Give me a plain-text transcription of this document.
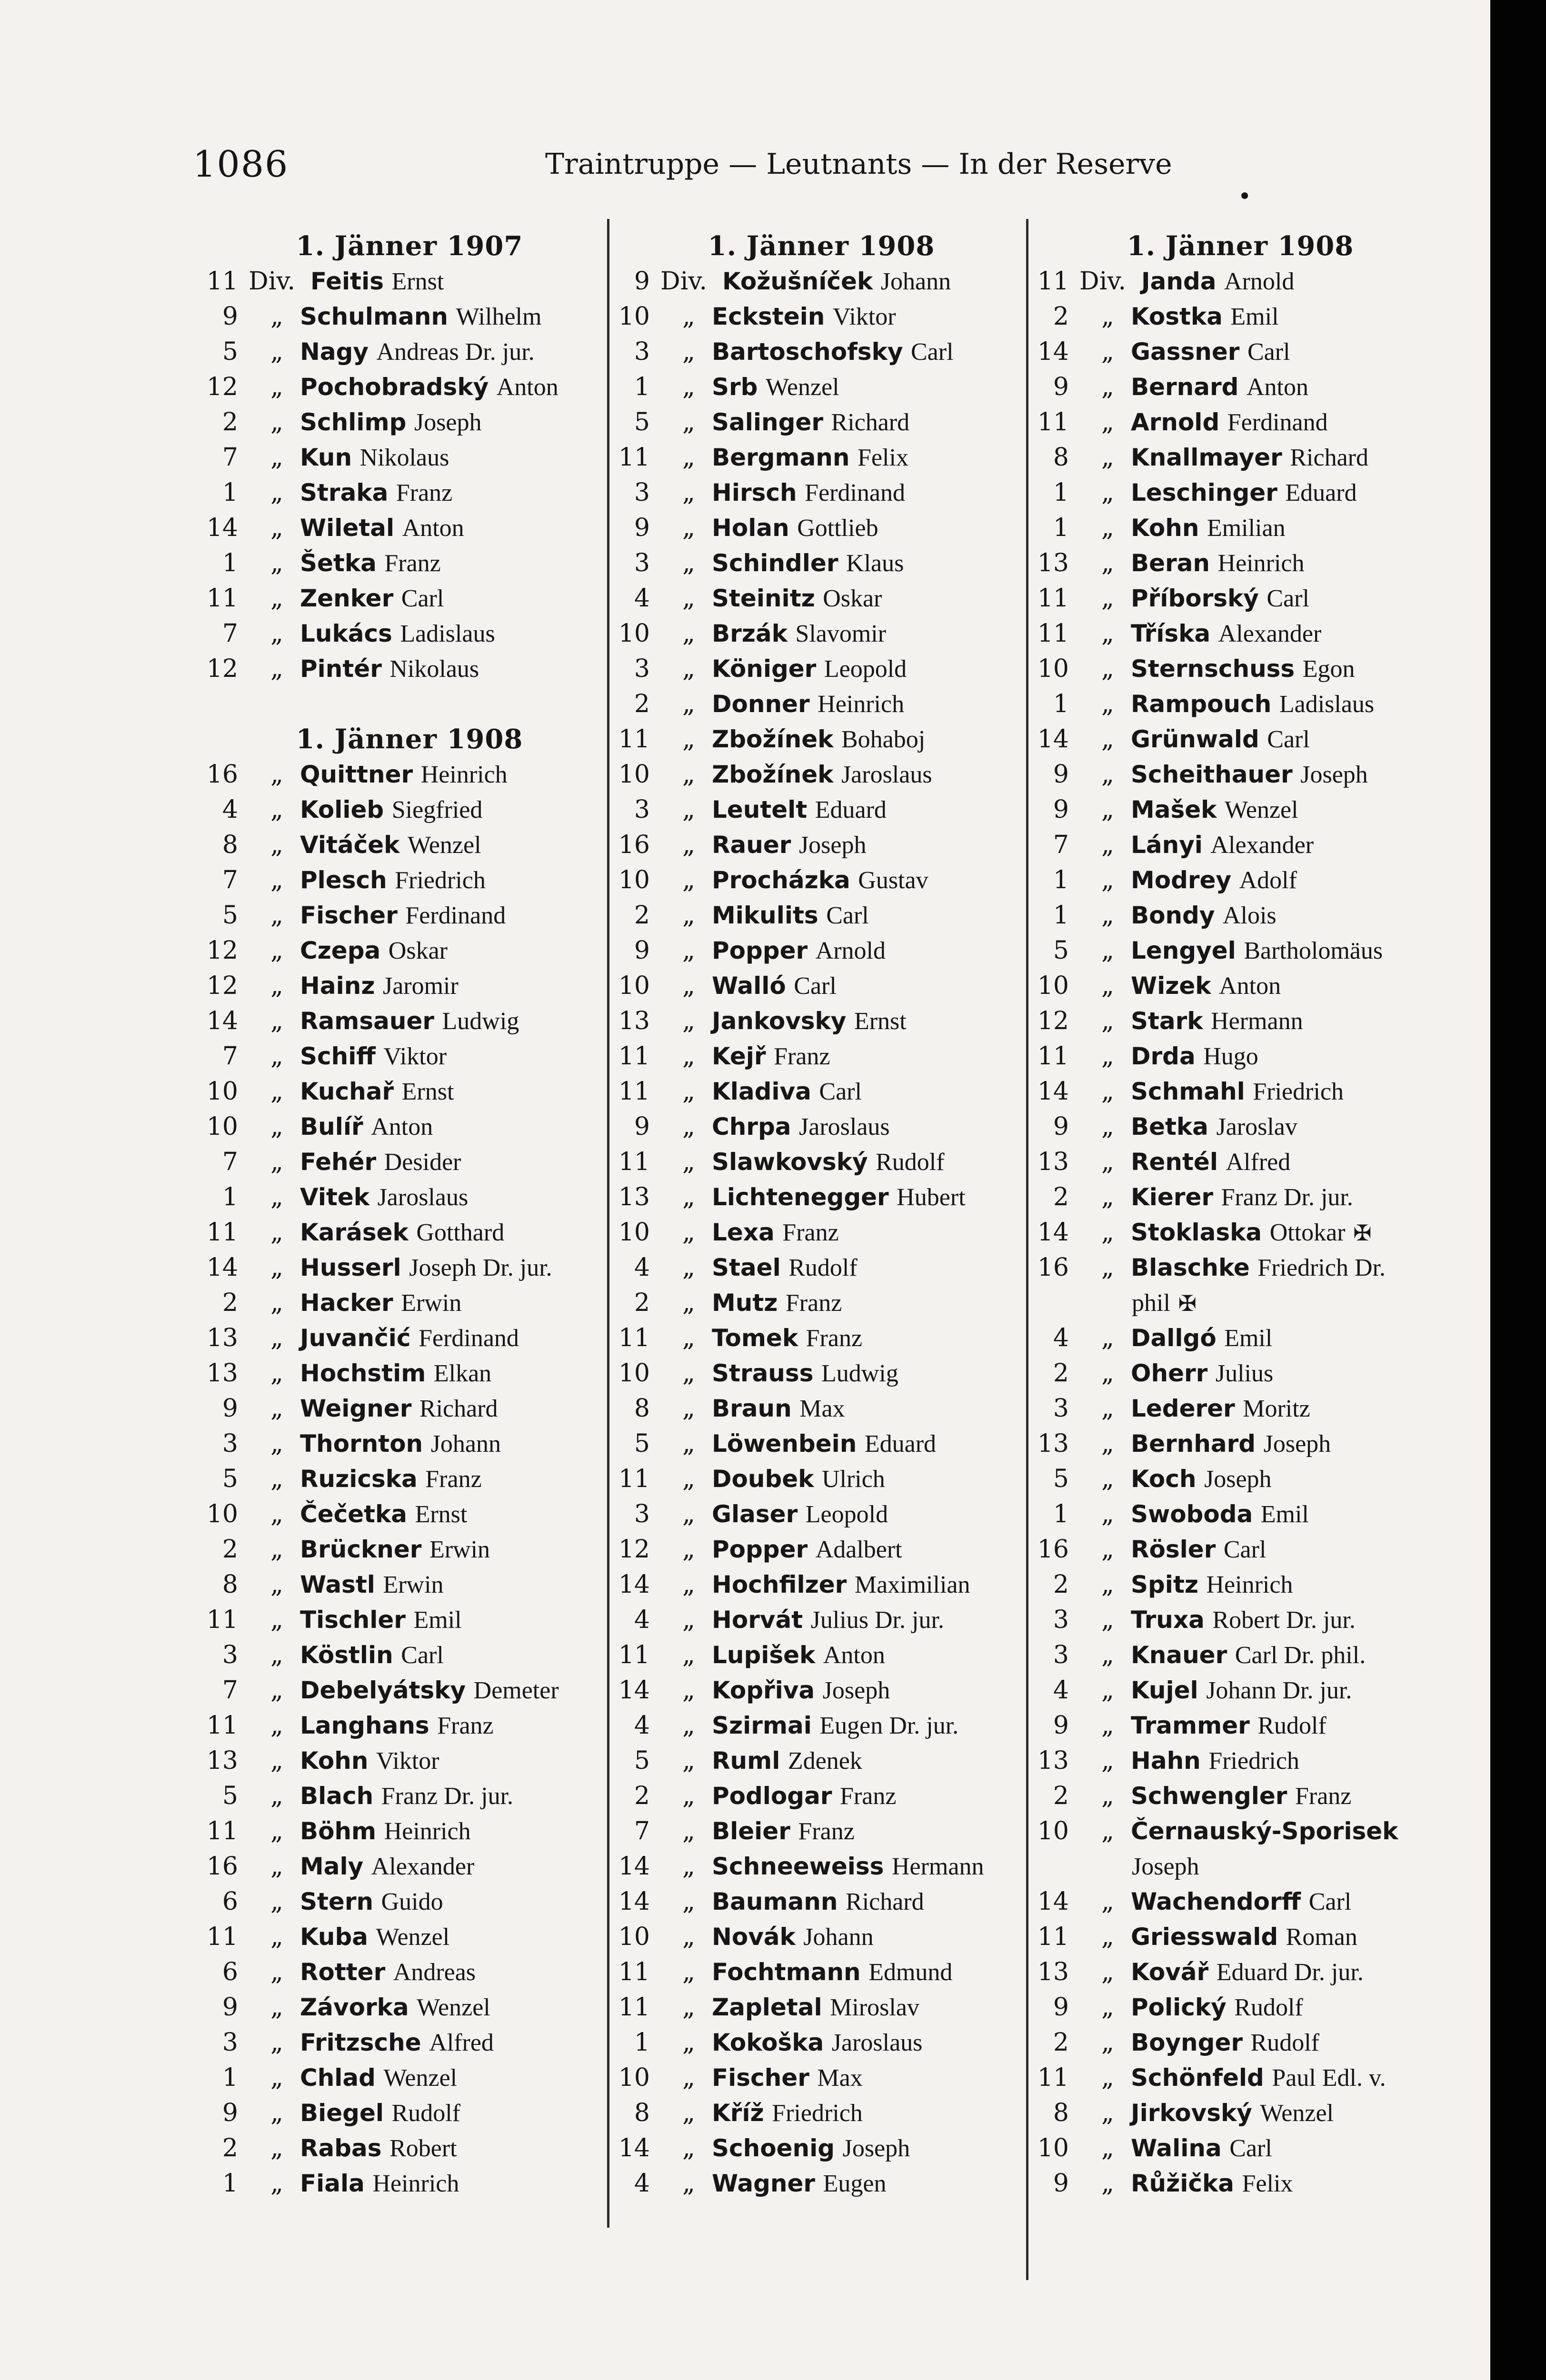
1086	Traintruppe — Leutnants — In der Reserve
•
1. Jänner 1907
11 Div. Feitis Ernst
9 „ Schulmann Wilhelm
5 „ Nagy Andreas Dr. jur.
12 „ Pochobradský Anton
2 „ Schlimp Joseph
7 „ Kun Nikolaus
1 „ Straka Franz
14 „ Wiletal Anton
1 „ Šetka Franz
11 „ Zenker Carl
7 „ Lukács Ladislaus
12 „ Pintér Nikolaus
1. Jänner 1908
16 „ Quittner Heinrich
4 „ Kolieb Siegfried
8 „ Vitáček Wenzel
7 „ Plesch Friedrich
5 „ Fischer Ferdinand
12 „ Czepa Oskar
12 „ Hainz Jaromir
14 „ Ramsauer Ludwig
7 „ Schiff Viktor
10 „ Kuchař Ernst
10 „ Bulíř Anton
7 „ Fehér Desider
1 „ Vitek Jaroslaus
11 „ Karásek Gotthard
14 „ Husserl Joseph Dr. jur.
2 „ Hacker Erwin
13 „ Juvančić Ferdinand
13 „ Hochstim Elkan
9 „ Weigner Richard
3 „ Thornton Johann
5 „ Ruzicska Franz
10 „ Čečetka Ernst
2 „ Brückner Erwin
8 „ Wastl Erwin
11 „ Tischler Emil
3 „ Köstlin Carl
7 „ Debelyátsky Demeter
11 „ Langhans Franz
13 „ Kohn Viktor
5 „ Blach Franz Dr. jur.
11 „ Böhm Heinrich
16 „ Maly Alexander
6 „ Stern Guido
11 „ Kuba Wenzel
6 „ Rotter Andreas
9 „ Závorka Wenzel
3 „ Fritzsche Alfred
1 „ Chlad Wenzel
9 „ Biegel Rudolf
2 „ Rabas Robert
1 „ Fiala Heinrich
1. Jänner 1908
9 Div. Kožušníček Johann
10 „ Eckstein Viktor
3 „ Bartoschofsky Carl
1 „ Srb Wenzel
5 „ Salinger Richard
11 „ Bergmann Felix
3 „ Hirsch Ferdinand
9 „ Holan Gottlieb
3 „ Schindler Klaus
4 „ Steinitz Oskar
10 „ Brzák Slavomir
3 „ Königer Leopold
2 „ Donner Heinrich
11 „ Zbožínek Bohaboj
10 „ Zbožínek Jaroslaus
3 „ Leutelt Eduard
16 „ Rauer Joseph
10 „ Procházka Gustav
2 „ Mikulits Carl
9 „ Popper Arnold
10 „ Walló Carl
13 „ Jankovsky Ernst
11 „ Kejř Franz
11 „ Kladiva Carl
9 „ Chrpa Jaroslaus
11 „ Slawkovský Rudolf
13 „ Lichtenegger Hubert
10 „ Lexa Franz
4 „ Stael Rudolf
2 „ Mutz Franz
11 „ Tomek Franz
10 „ Strauss Ludwig
8 „ Braun Max
5 „ Löwenbein Eduard
11 „ Doubek Ulrich
3 „ Glaser Leopold
12 „ Popper Adalbert
14 „ Hochfilzer Maximilian
4 „ Horvát Julius Dr. jur.
11 „ Lupišek Anton
14 „ Kopřiva Joseph
4 „ Szirmai Eugen Dr. jur.
5 „ Ruml Zdenek
2 „ Podlogar Franz
7 „ Bleier Franz
14 „ Schneeweiss Hermann
14 „ Baumann Richard
10 „ Novák Johann
11 „ Fochtmann Edmund
11 „ Zapletal Miroslav
1 „ Kokoška Jaroslaus
10 „ Fischer Max
8 „ Kříž Friedrich
14 „ Schoenig Joseph
4 „ Wagner Eugen
1. Jänner 1908
11 Div. Janda Arnold
2 „ Kostka Emil
14 „ Gassner Carl
9 „ Bernard Anton
11 „ Arnold Ferdinand
8 „ Knallmayer Richard
1 „ Leschinger Eduard
1 „ Kohn Emilian
13 „ Beran Heinrich
11 „ Příborský Carl
11 „ Tříska Alexander
10 „ Sternschuss Egon
1 „ Rampouch Ladislaus
14 „ Grünwald Carl
9 „ Scheithauer Joseph
9 „ Mašek Wenzel
7 „ Lányi Alexander
1 „ Modrey Adolf
1 „ Bondy Alois
5 „ Lengyel Bartholomäus
10 „ Wizek Anton
12 „ Stark Hermann
11 „ Drda Hugo
14 „ Schmahl Friedrich
9 „ Betka Jaroslav
13 „ Rentél Alfred
2 „ Kierer Franz Dr. jur.
14 „ Stoklaska Ottokar ✠
16 „ Blaschke Friedrich Dr.
phil ✠
4 „ Dallgó Emil
2 „ Oherr Julius
3 „ Lederer Moritz
13 „ Bernhard Joseph
5 „ Koch Joseph
1 „ Swoboda Emil
16 „ Rösler Carl
2 „ Spitz Heinrich
3 „ Truxa Robert Dr. jur.
3 „ Knauer Carl Dr. phil.
4 „ Kujel Johann Dr. jur.
9 „ Trammer Rudolf
13 „ Hahn Friedrich
2 „ Schwengler Franz
10 „ Černauský-Sporisek
Joseph
14 „ Wachendorff Carl
11 „ Griesswald Roman
13 „ Kovář Eduard Dr. jur.
9 „ Polický Rudolf
2 „ Boynger Rudolf
11 „ Schönfeld Paul Edl. v.
8 „ Jirkovský Wenzel
10 „ Walina Carl
9 „ Růžička Felix
